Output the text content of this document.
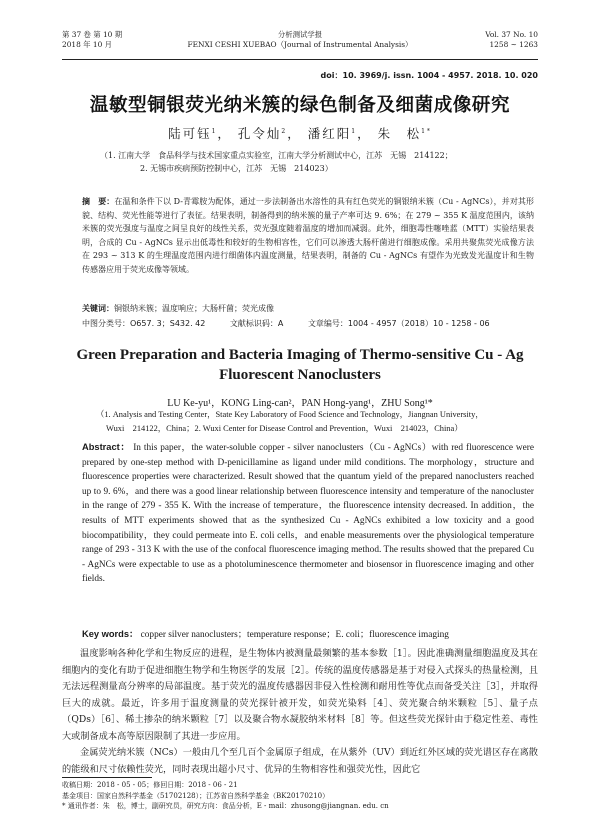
第 37 卷 第 10 期
2018 年 10 月
分析测试学报
FENXI CESHI XUEBAO（Journal of Instrumental Analysis）
Vol. 37 No. 10
1258 ~ 1263
doi：10. 3969/j. issn. 1004 - 4957. 2018. 10. 020
温敏型铜银荧光纳米簇的绿色制备及细菌成像研究
陆可钰$^1$， 孔令灿$^2$， 潘红阳$^1$， 朱　松$^{1*}$
（1. 江南大学　食品科学与技术国家重点实验室，江南大学分析测试中心，江苏　无锡　214122；
2. 无锡市疾病预防控制中心，江苏　无锡　214023）
摘　要：在温和条件下以 D-青霉胺为配体，通过一步法制备出水溶性的具有红色荧光的铜银纳米簇（Cu - AgNCs），并对其形貌、结构、荧光性能等进行了表征。结果表明，制备得到的纳米簇的量子产率可达 9. 6%；在 279 ~ 355 K 温度范围内，该纳米簇的荧光强度与温度之间呈良好的线性关系，荧光强度随着温度的增加而减弱。此外，细胞毒性噻唑蓝（MTT）实验结果表明，合成的 Cu - AgNCs 显示出低毒性和较好的生物相容性，它们可以渗透大肠杆菌进行细胞成像。采用共聚焦荧光成像方法在 293 ~ 313 K 的生理温度范围内进行细菌体内温度测量，结果表明，制备的 Cu - AgNCs 有望作为光致发光温度计和生物传感器应用于荧光成像等领域。
关键词：铜银纳米簇；温度响应；大肠杆菌；荧光成像
中图分类号：O657. 3；S432. 42	文献标识码：A	文章编号：1004 - 4957（2018）10 - 1258 - 06
Green Preparation and Bacteria Imaging of Thermo-sensitive Cu - Ag
Fluorescent Nanoclusters
LU Ke-yu¹，KONG Ling-can²，PAN Hong-yang¹，ZHU Song¹*
（1. Analysis and Testing Center，State Key Laboratory of Food Science and Technology，Jiangnan University，
Wuxi　214122，China；2. Wuxi Center for Disease Control and Prevention，Wuxi　214023，China）
Abstract： In this paper，the water-soluble copper - silver nanoclusters（Cu - AgNCs）with red fluorescence were prepared by one-step method with D-penicillamine as ligand under mild conditions. The morphology，structure and fluorescence properties were characterized. Result showed that the quantum yield of the prepared nanoclusters reached up to 9. 6%，and there was a good linear relationship between fluorescence intensity and temperature of the nanocluster in the range of 279 - 355 K. With the increase of temperature，the fluorescence intensity decreased. In addition，the results of MTT experiments showed that as the synthesized Cu - AgNCs exhibited a low toxicity and a good biocompatibility，they could permeate into E. coli cells，and enable measurements over the physiological temperature range of 293 - 313 K with the use of the confocal fluorescence imaging method. The results showed that the prepared Cu - AgNCs were expectable to use as a photoluminescence thermometer and biosensor in fluorescence imaging and other fields.
Key words： copper silver nanoclusters；temperature response；E. coli；fluorescence imaging

温度影响各种化学和生物反应的进程，是生物体内被测量最频繁的基本参数［1］。因此准确测量细胞温度及其在细胞内的变化有助于促进细胞生物学和生物医学的发展［2］。传统的温度传感器是基于对侵入式探头的热量检测，且无法远程测量高分辨率的局部温度。基于荧光的温度传感器因非侵入性检测和耐用性等优点而备受关注［3］，并取得巨大的成就。最近，许多用于温度测量的荧光探针被开发，如荧光染料［4］、荧光聚合纳米颗粒［5］、量子点（QDs）［6］、稀土掺杂的纳米颗粒［7］以及聚合物水凝胶纳米材料［8］等。但这些荧光探针由于稳定性差、毒性大或制备成本高等原因限制了其进一步应用。

金属荧光纳米簇（NCs）一般由几个至几百个金属原子组成，在从紫外（UV）到近红外区域的荧光谱区存在离散的能级和尺寸依赖性荧光，同时表现出超小尺寸、优异的生物相容性和强荧光性，因此它

收稿日期：2018 - 05 - 05；修回日期：2018 - 06 - 21
基金项目：国家自然科学基金（51702128）；江苏省自然科学基金（BK20170210）
* 通讯作者：朱　松，博士，副研究员，研究方向：食品分析，E - mail：zhusong@jiangnan. edu. cn
